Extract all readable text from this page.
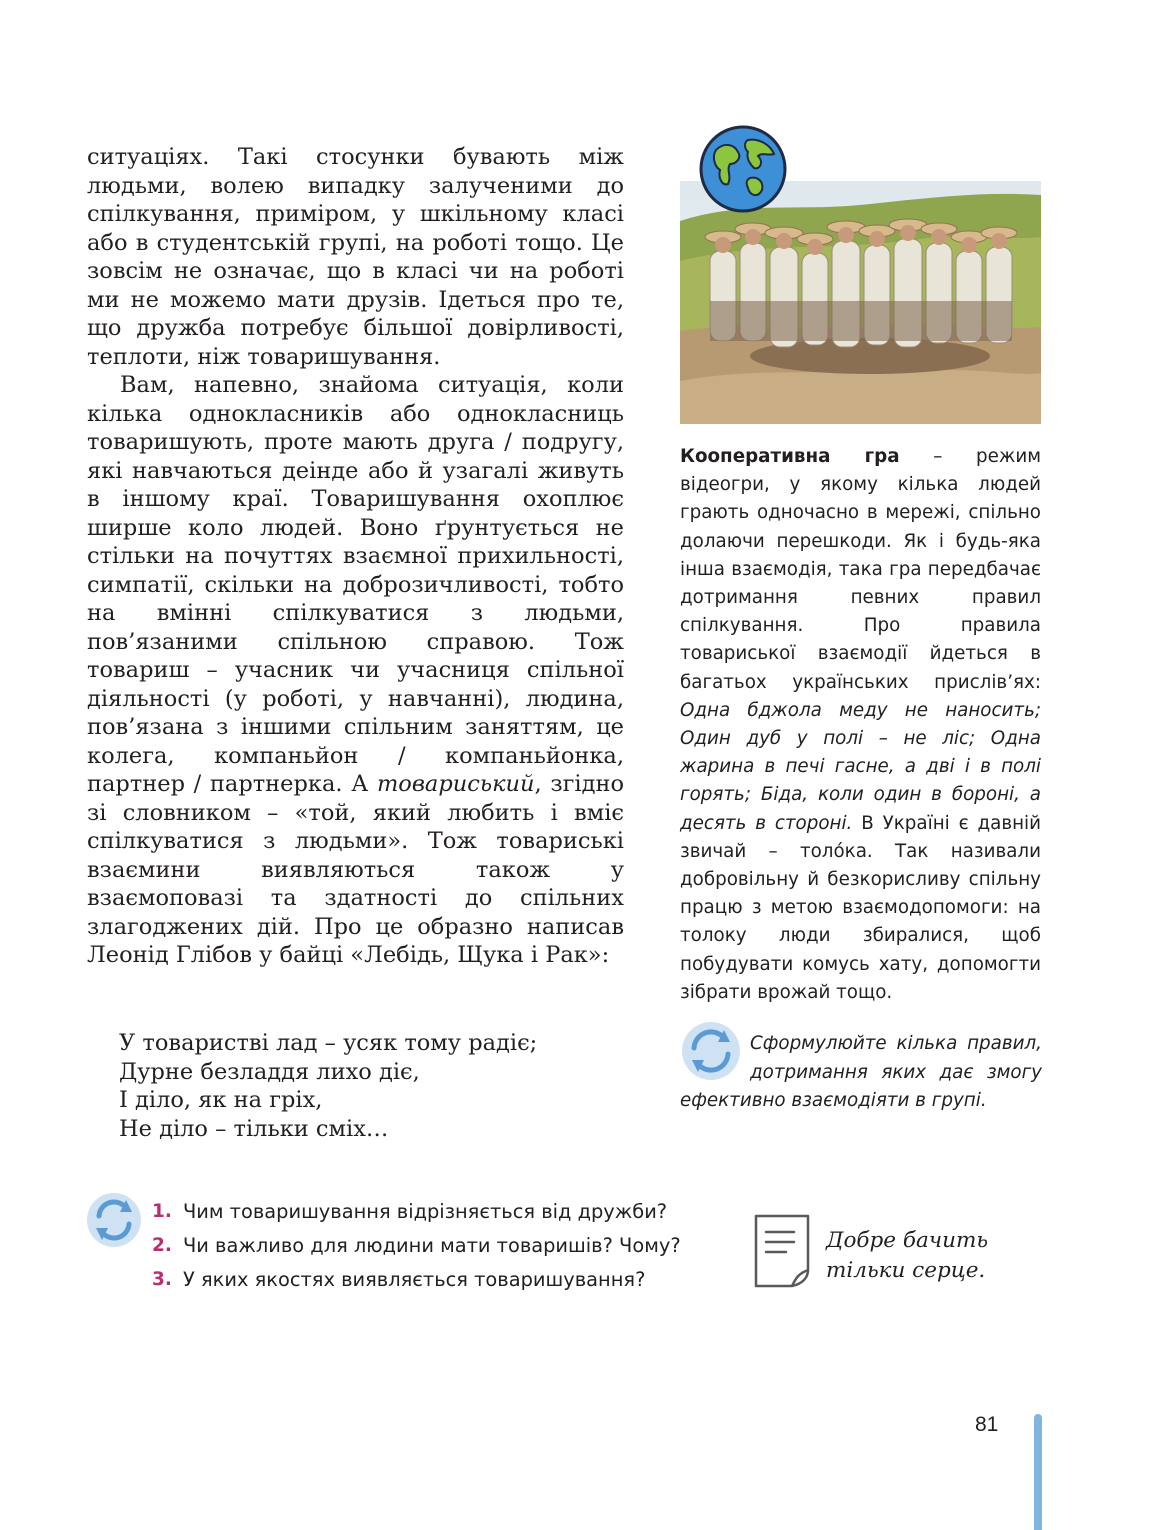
ситуаціях. Такі стосунки бувають між людьми, волею випадку залученими до спілкування, приміром, у шкільному класі або в студентській групі, на роботі тощо. Це зовсім не означає, що в класі чи на роботі ми не можемо мати друзів. Ідеться про те, що дружба потребує більшої довірливості, теплоти, ніж товаришування.

Вам, напевно, знайома ситуація, коли кілька однокласників або однокласниць товаришують, проте мають друга / подругу, які навчаються деінде або й узагалі живуть в іншому краї. Товаришування охоплює ширше коло людей. Воно ґрунтується не стільки на почуттях взаємної прихильності, симпатії, скільки на доброзичливості, тобто на вмінні спілкуватися з людьми, пов’язаними спільною справою. Тож товариш – учасник чи учасниця спільної діяльності (у роботі, у навчанні), людина, пов’язана з іншими спільним заняттям, це колега, компаньйон / компаньйонка, партнер / партнерка. А товариський, згідно зі словником – «той, який любить і вміє спілкуватися з людьми». Тож товариські взаємини виявляються також у взаємоповазі та здатності до спільних злагоджених дій. Про це образно написав Леонід Глібов у байці «Лебідь, Щука і Рак»:

У товаристві лад – усяк тому радіє;
Дурне безладдя лихо діє,
І діло, як на гріх,
Не діло – тільки сміх…
Кооперативна гра – режим відеогри, у якому кілька людей грають одночасно в мережі, спільно долаючи перешкоди. Як і будь-яка інша взаємодія, така гра передбачає дотримання певних правил спілкування. Про правила товариської взаємодії йдеться в багатьох українських прислів’ях: Одна бджола меду не наносить; Один дуб у полі – не ліс; Одна жарина в печі гасне, а дві і в полі горять; Біда, коли один в бороні, а десять в стороні. В Україні є давній звичай – толо́ка. Так називали добровільну й безкорисливу спільну працю з метою взаємодопомоги: на толоку люди збиралися, щоб побудувати комусь хату, допомогти зібрати врожай тощо.
Сформулюйте кілька правил, дотримання яких дає змогу ефективно взаємодіяти в групі.
1. Чим товаришування відрізняється від дружби?
2. Чи важливо для людини мати товаришів? Чому?
3. У яких якостях виявляється товаришування?
Добре бачить
тільки серце.
81
